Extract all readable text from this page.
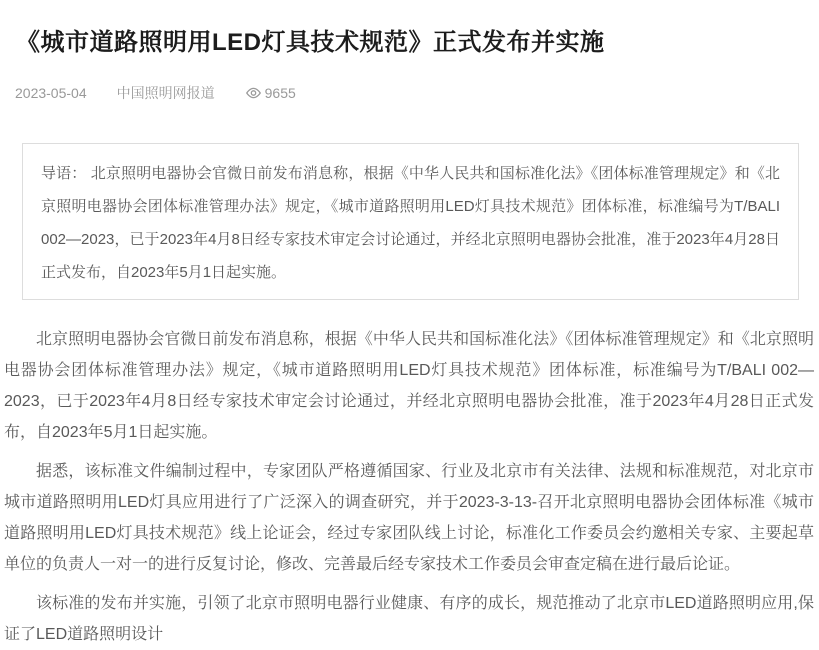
《城市道路照明用LED灯具技术规范》正式发布并实施
2023-05-04 中国照明网报道	9655
导语： 北京照明电器协会官微日前发布消息称，根据《中华人民共和国标准化法》《团体标准管理规定》和《北京照明电器协会团体标准管理办法》规定，《城市道路照明用LED灯具技术规范》团体标准，标准编号为T/BALI 002—2023，已于2023年4月8日经专家技术审定会讨论通过，并经北京照明电器协会批准，准于2023年4月28日正式发布，自2023年5月1日起实施。

北京照明电器协会官微日前发布消息称，根据《中华人民共和国标准化法》《团体标准管理规定》和《北京照明电器协会团体标准管理办法》规定，《城市道路照明用LED灯具技术规范》团体标准，标准编号为T/BALI 002—2023，已于2023年4月8日经专家技术审定会讨论通过，并经北京照明电器协会批准，准于2023年4月28日正式发布，自2023年5月1日起实施。

据悉，该标准文件编制过程中，专家团队严格遵循国家、行业及北京市有关法律、法规和标准规范，对北京市城市道路照明用LED灯具应用进行了广泛深入的调查研究，并于2023-3-13-召开北京照明电器协会团体标准《城市道路照明用LED灯具技术规范》线上论证会，经过专家团队线上讨论，标准化工作委员会约邀相关专家、主要起草单位的负责人一对一的进行反复讨论，修改、完善最后经专家技术工作委员会审查定稿在进行最后论证。

该标准的发布并实施，引领了北京市照明电器行业健康、有序的成长，规范推动了北京市LED道路照明应用,保证了LED道路照明设计
